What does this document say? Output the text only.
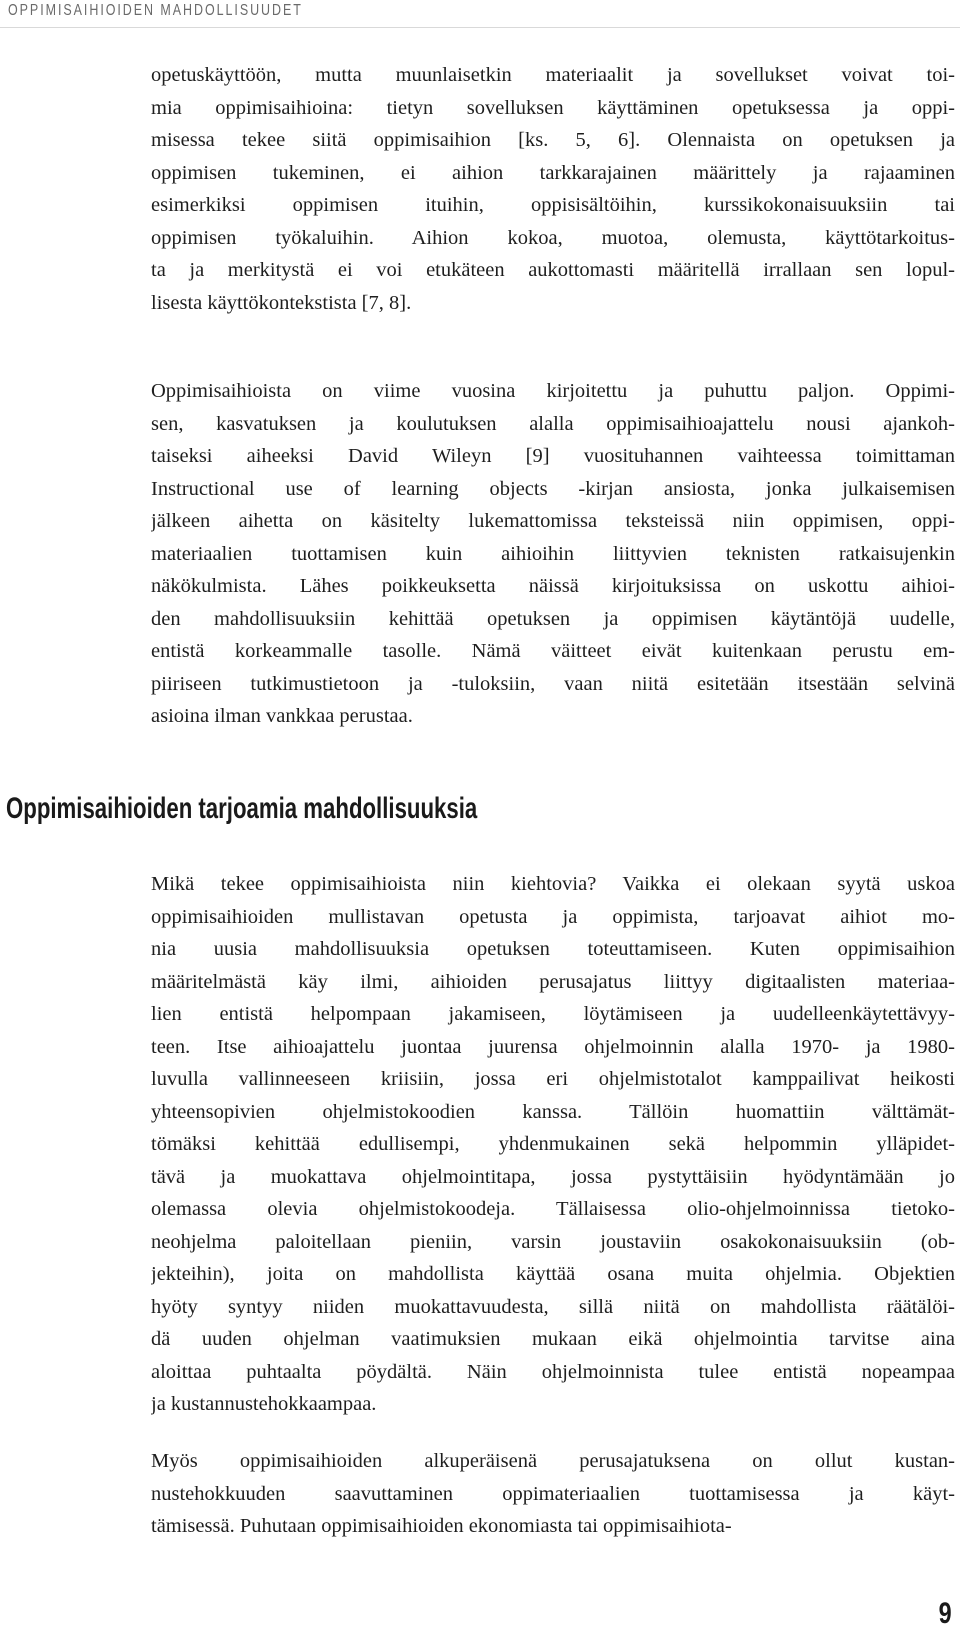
OPPIMISAIHIOIDEN MAHDOLLISUUDET

opetuskäyttöön, mutta muunlaisetkin materiaalit ja sovellukset voivat toi-
mia oppimisaihioina: tietyn sovelluksen käyttäminen opetuksessa ja oppi-
misessa tekee siitä oppimisaihion [ks. 5, 6]. Olennaista on opetuksen ja
oppimisen tukeminen, ei aihion tarkkarajainen määrittely ja rajaaminen
esimerkiksi oppimisen ituihin, oppisisältöihin, kurssikokonaisuuksiin tai
oppimisen työkaluihin. Aihion kokoa, muotoa, olemusta, käyttötarkoitus-
ta ja merkitystä ei voi etukäteen aukottomasti määritellä irrallaan sen lopul-
lisesta käyttökontekstista [7, 8].

Oppimisaihioista on viime vuosina kirjoitettu ja puhuttu paljon. Oppimi-
sen, kasvatuksen ja koulutuksen alalla oppimisaihioajattelu nousi ajankoh-
taiseksi aiheeksi David Wileyn [9] vuosituhannen vaihteessa toimittaman
Instructional use of learning objects -kirjan ansiosta, jonka julkaisemisen
jälkeen aihetta on käsitelty lukemattomissa teksteissä niin oppimisen, oppi-
materiaalien tuottamisen kuin aihioihin liittyvien teknisten ratkaisujenkin
näkökulmista. Lähes poikkeuksetta näissä kirjoituksissa on uskottu aihioi-
den mahdollisuuksiin kehittää opetuksen ja oppimisen käytäntöjä uudelle,
entistä korkeammalle tasolle. Nämä väitteet eivät kuitenkaan perustu em-
piiriseen tutkimustietoon ja -tuloksiin, vaan niitä esitetään itsestään selvinä
asioina ilman vankkaa perustaa.

Oppimisaihioiden tarjoamia mahdollisuuksia

Mikä tekee oppimisaihioista niin kiehtovia? Vaikka ei olekaan syytä uskoa
oppimisaihioiden mullistavan opetusta ja oppimista, tarjoavat aihiot mo-
nia uusia mahdollisuuksia opetuksen toteuttamiseen. Kuten oppimisaihion
määritelmästä käy ilmi, aihioiden perusajatus liittyy digitaalisten materiaa-
lien entistä helpompaan jakamiseen, löytämiseen ja uudelleenkäytettävyy-
teen. Itse aihioajattelu juontaa juurensa ohjelmoinnin alalla 1970- ja 1980-
luvulla vallinneeseen kriisiin, jossa eri ohjelmistotalot kamppailivat heikosti
yhteensopivien ohjelmistokoodien kanssa. Tällöin huomattiin välttämät-
tömäksi kehittää edullisempi, yhdenmukainen sekä helpommin ylläpidet-
tävä ja muokattava ohjelmointitapa, jossa pystyttäisiin hyödyntämään jo
olemassa olevia ohjelmistokoodeja. Tällaisessa olio-ohjelmoinnissa tietoko-
neohjelma paloitellaan pieniin, varsin joustaviin osakokonaisuuksiin (ob-
jekteihin), joita on mahdollista käyttää osana muita ohjelmia. Objektien
hyöty syntyy niiden muokattavuudesta, sillä niitä on mahdollista räätälöi-
dä uuden ohjelman vaatimuksien mukaan eikä ohjelmointia tarvitse aina
aloittaa puhtaalta pöydältä. Näin ohjelmoinnista tulee entistä nopeampaa
ja kustannustehokkaampaa.

Myös oppimisaihioiden alkuperäisenä perusajatuksena on ollut kustan-
nustehokkuuden saavuttaminen oppimateriaalien tuottamisessa ja käyt-
tämisessä. Puhutaan oppimisaihioiden ekonomiasta tai oppimisaihiota-

9
